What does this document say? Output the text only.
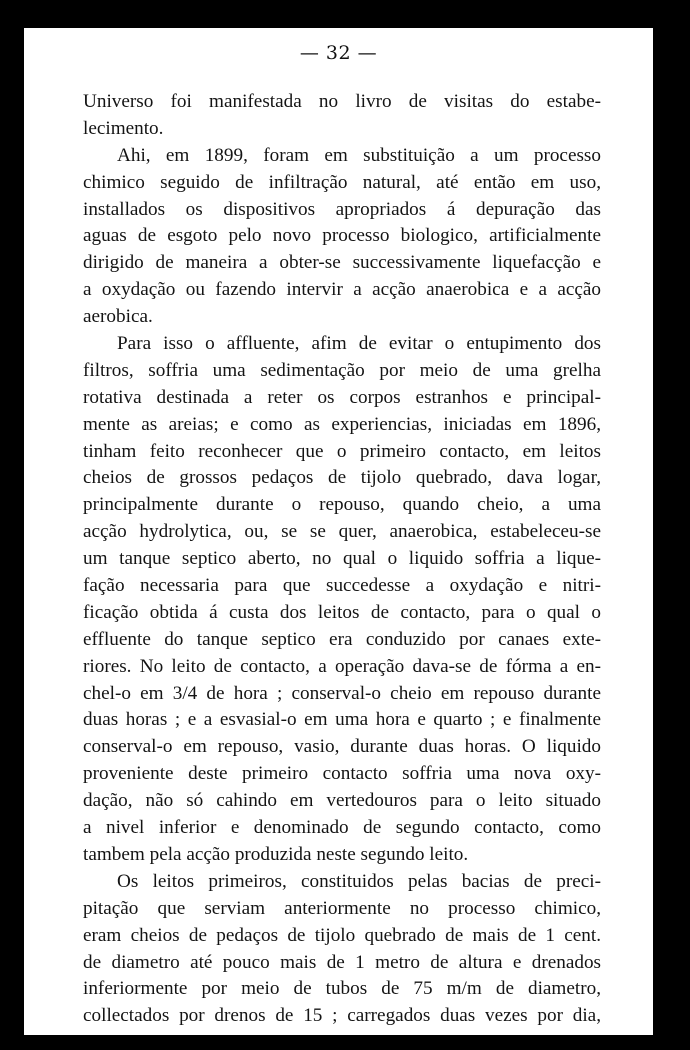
— 32 —
Universo foi manifestada no livro de visitas do estabe-
lecimento.
Ahi, em 1899, foram em substituição a um processo
chimico seguido de infiltração natural, até então em uso,
installados os dispositivos apropriados á depuração das
aguas de esgoto pelo novo processo biologico, artificialmente
dirigido de maneira a obter-se successivamente liquefacção e
a oxydação ou fazendo intervir a acção anaerobica e a acção
aerobica.
Para isso o affluente, afim de evitar o entupimento dos
filtros, soffria uma sedimentação por meio de uma grelha
rotativa destinada a reter os corpos estranhos e principal-
mente as areias; e como as experiencias, iniciadas em 1896,
tinham feito reconhecer que o primeiro contacto, em leitos
cheios de grossos pedaços de tijolo quebrado, dava logar,
principalmente durante o repouso, quando cheio, a uma
acção hydrolytica, ou, se se quer, anaerobica, estabeleceu-se
um tanque septico aberto, no qual o liquido soffria a lique-
fação necessaria para que succedesse a oxydação e nitri-
ficação obtida á custa dos leitos de contacto, para o qual o
effluente do tanque septico era conduzido por canaes exte-
riores. No leito de contacto, a operação dava-se de fórma a en-
chel-o em 3/4 de hora ; conserval-o cheio em repouso durante
duas horas ; e a esvasial-o em uma hora e quarto ; e finalmente
conserval-o em repouso, vasio, durante duas horas. O liquido
proveniente deste primeiro contacto soffria uma nova oxy-
dação, não só cahindo em vertedouros para o leito situado
a nivel inferior e denominado de segundo contacto, como
tambem pela acção produzida neste segundo leito.
Os leitos primeiros, constituidos pelas bacias de preci-
pitação que serviam anteriormente no processo chimico,
eram cheios de pedaços de tijolo quebrado de mais de 1 cent.
de diametro até pouco mais de 1 metro de altura e drenados
inferiormente por meio de tubos de 75 m/m de diametro,
collectados por drenos de 15 ; carregados duas vezes por dia,
